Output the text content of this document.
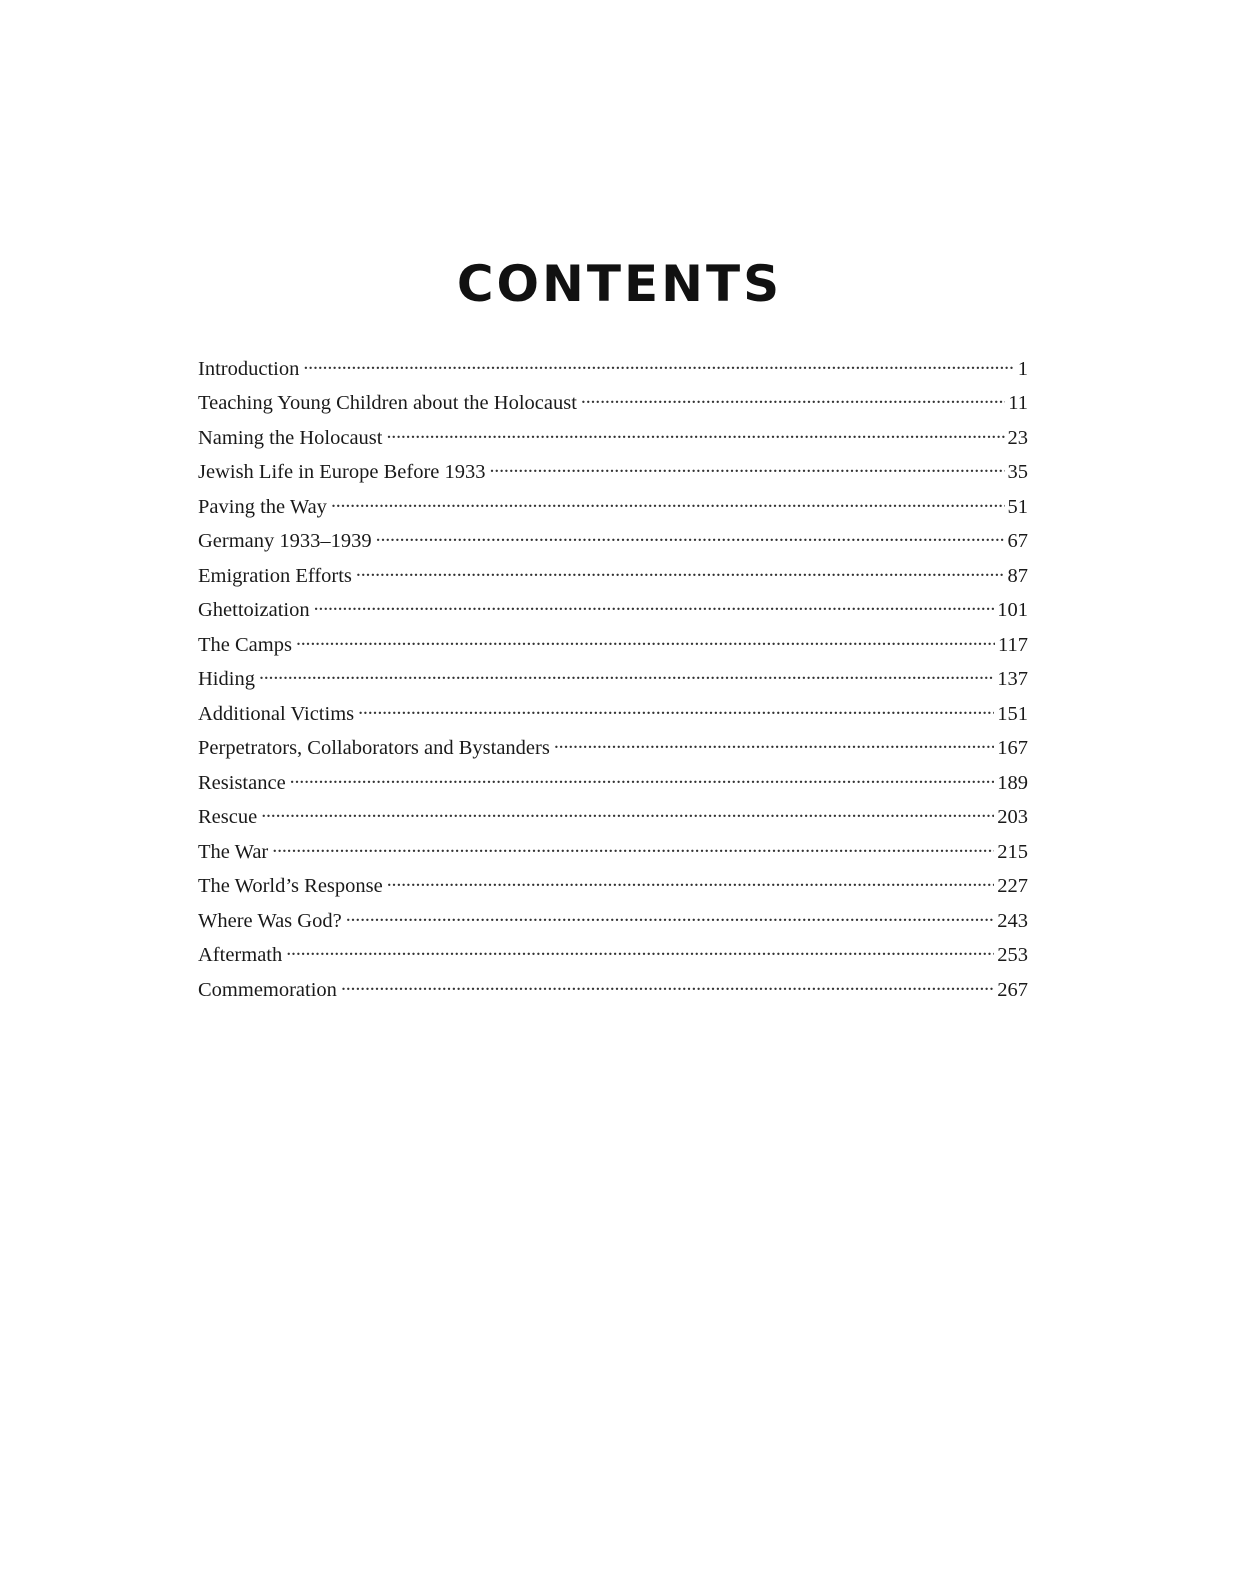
CONTENTS
Introduction . . .	1
Teaching Young Children about the Holocaust . . .	11
Naming the Holocaust . . .	23
Jewish Life in Europe Before 1933 . . .	35
Paving the Way . . .	51
Germany 1933–1939 . . .	67
Emigration Efforts . . .	87
Ghettoization . . .	101
The Camps . . .	117
Hiding . . .	137
Additional Victims . . .	151
Perpetrators, Collaborators and Bystanders . . .	167
Resistance . . .	189
Rescue . . .	203
The War . . .	215
The World’s Response . . .	227
Where Was God? . . .	243
Aftermath . . .	253
Commemoration . . .	267
